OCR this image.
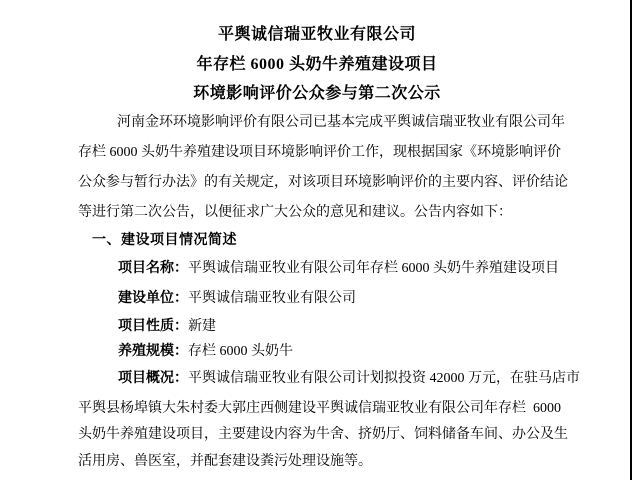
平舆诚信瑞亚牧业有限公司
年存栏 6000 头奶牛养殖建设项目
环境影响评价公众参与第二次公示
河南金环环境影响评价有限公司已基本完成平舆诚信瑞亚牧业有限公司年
存栏 6000 头奶牛养殖建设项目环境影响评价工作，现根据国家《环境影响评价
公众参与暂行办法》的有关规定，对该项目环境影响评价的主要内容、评价结论
等进行第二次公告，以便征求广大公众的意见和建议。公告内容如下：
一、建设项目情况简述
项目名称：平舆诚信瑞亚牧业有限公司年存栏 6000 头奶牛养殖建设项目
建设单位：平舆诚信瑞亚牧业有限公司
项目性质：新建
养殖规模：存栏 6000 头奶牛
项目概况：平舆诚信瑞亚牧业有限公司计划拟投资 42000 万元，在驻马店市
平舆县杨埠镇大朱村委大郭庄西侧建设平舆诚信瑞亚牧业有限公司年存栏  6000
头奶牛养殖建设项目，主要建设内容为牛舍、挤奶厅、饲料储备车间、办公及生
活用房、兽医室，并配套建设粪污处理设施等。
